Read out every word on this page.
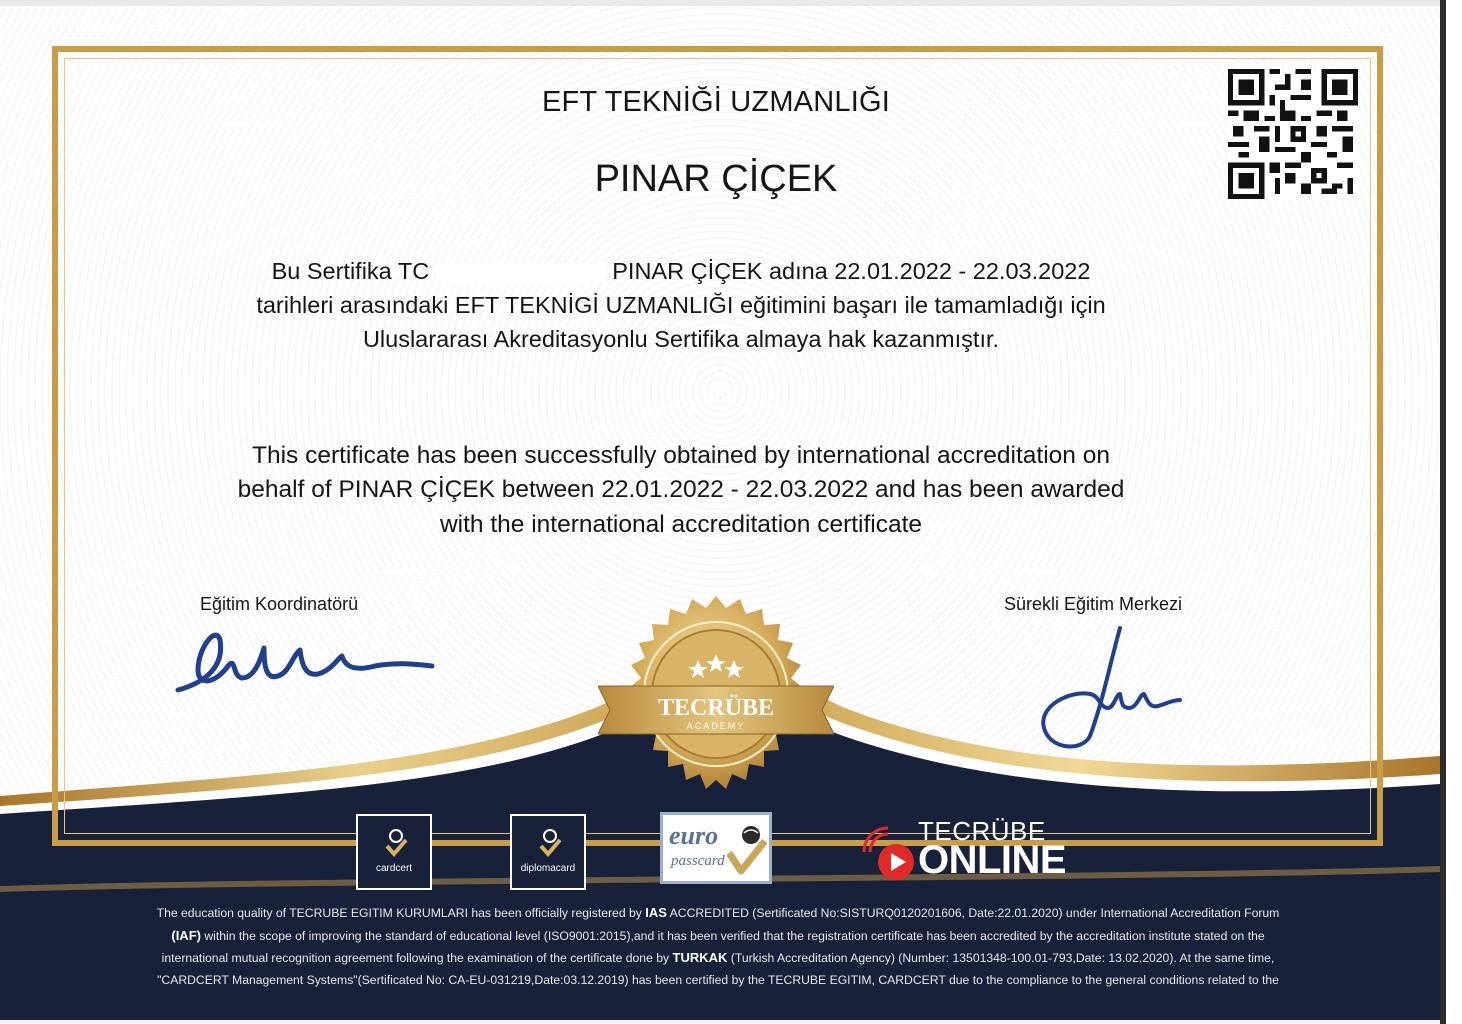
EFT TEKNİĞİ UZMANLIĞI
PINAR ÇİÇEK
Bu Sertifika TC	PINAR ÇİÇEK adına 22.01.2022 - 22.03.2022
tarihleri arasındaki EFT TEKNİGİ UZMANLIĞI eğitimini başarı ile tamamladığı için
Uluslararası Akreditasyonlu Sertifika almaya hak kazanmıştır.
This certificate has been successfully obtained by international accreditation on
behalf of PINAR ÇİÇEK between 22.01.2022 - 22.03.2022 and has been awarded
with the international accreditation certificate
Eğitim Koordinatörü	Sürekli Eğitim Merkezi
TECRÜBE
ACADEMY
cardcert	diplomacard
euro
passcard
TECRÜBE
ONLINE
The education quality of TECRUBE EGITIM KURUMLARI has been officially registered by IAS ACCREDITED (Sertificated No:SISTURQ0120201606, Date:22.01.2020) under International Accreditation Forum
(IAF) within the scope of improving the standard of educational level (ISO9001:2015),and it has been verified that the registration certificate has been accredited by the accreditation institute stated on the
international mutual recognition agreement following the examination of the certificate done by TURKAK (Turkish Accreditation Agency) (Number: 13501348-100.01-793,Date: 13.02.2020). At the same time,
"CARDCERT Management Systems"(Sertificated No: CA-EU-031219,Date:03.12.2019) has been certified by the TECRUBE EGITIM, CARDCERT due to the compliance to the general conditions related to the
